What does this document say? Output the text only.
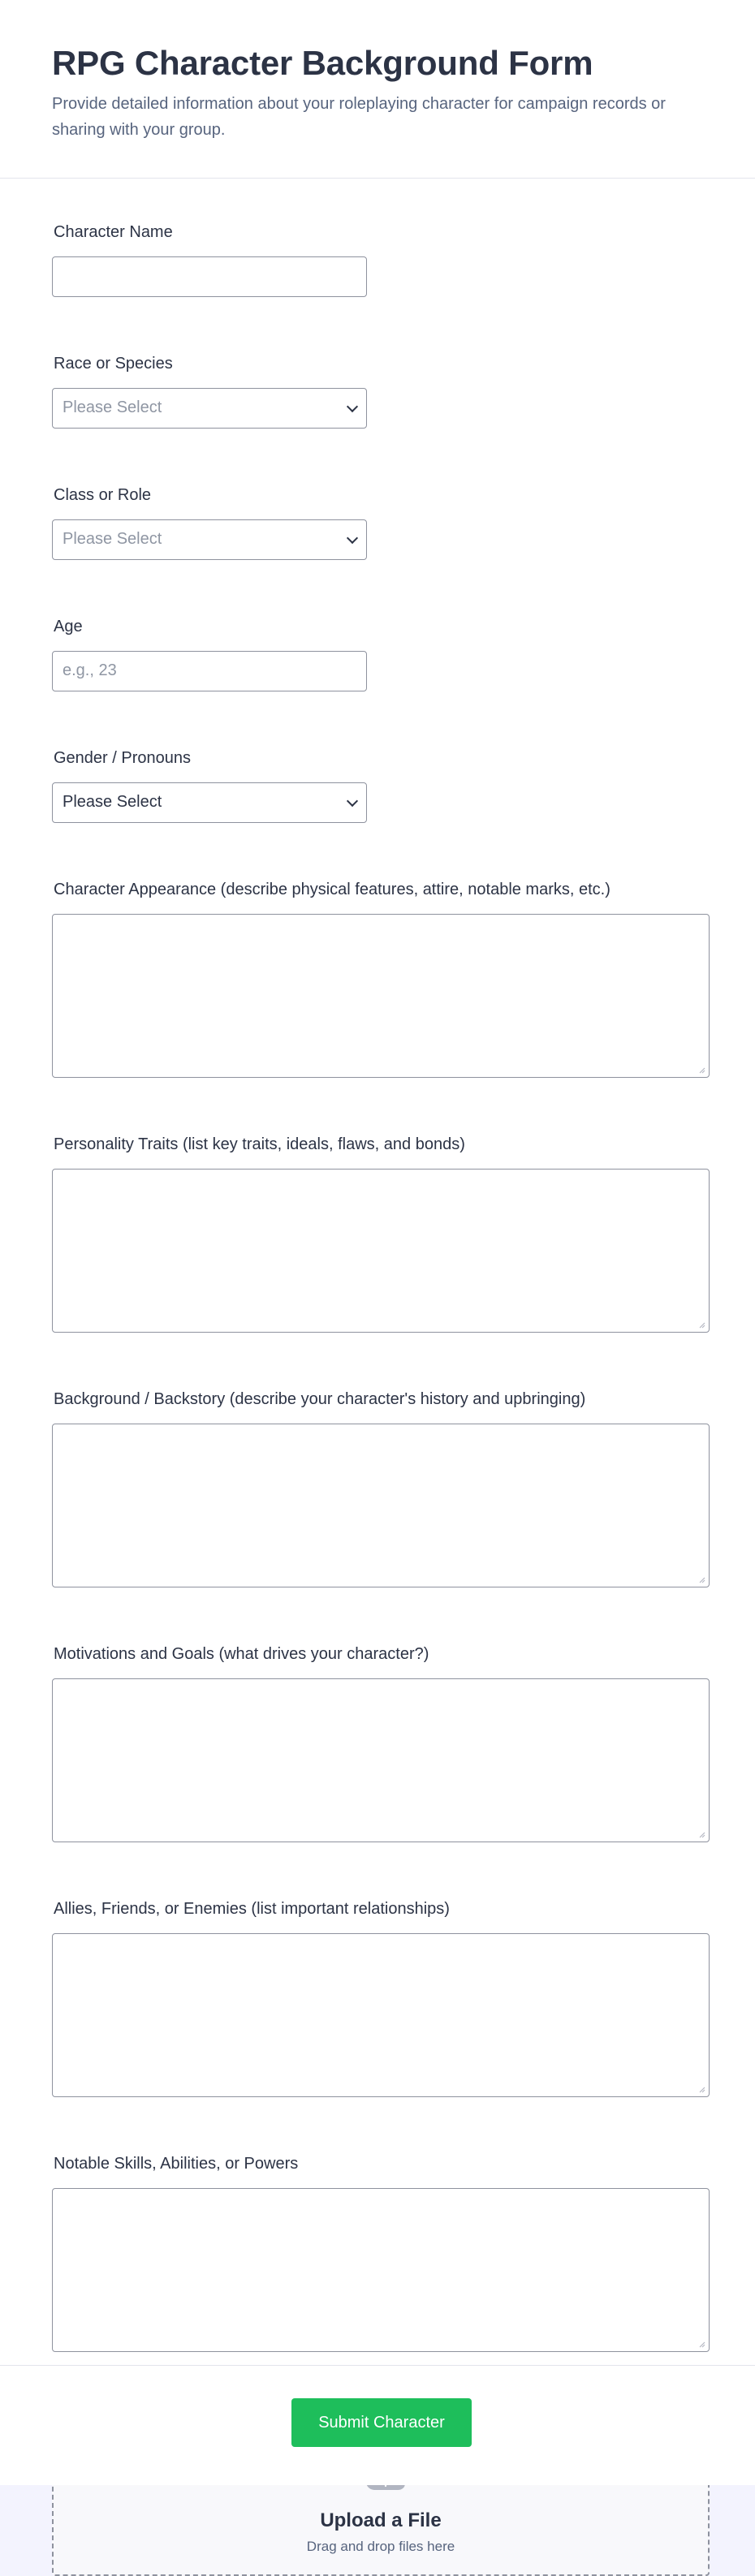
RPG Character Background Form
Provide detailed information about your roleplaying character for campaign records or sharing with your group.
Character Name
Race or Species
Please Select
Class or Role
Please Select
Age
e.g., 23
Gender / Pronouns
Please Select
Character Appearance (describe physical features, attire, notable marks, etc.)
Personality Traits (list key traits, ideals, flaws, and bonds)
Background / Backstory (describe your character's history and upbringing)
Motivations and Goals (what drives your character?)
Allies, Friends, or Enemies (list important relationships)
Notable Skills, Abilities, or Powers
Upload a File
Drag and drop files here
Submit Character
